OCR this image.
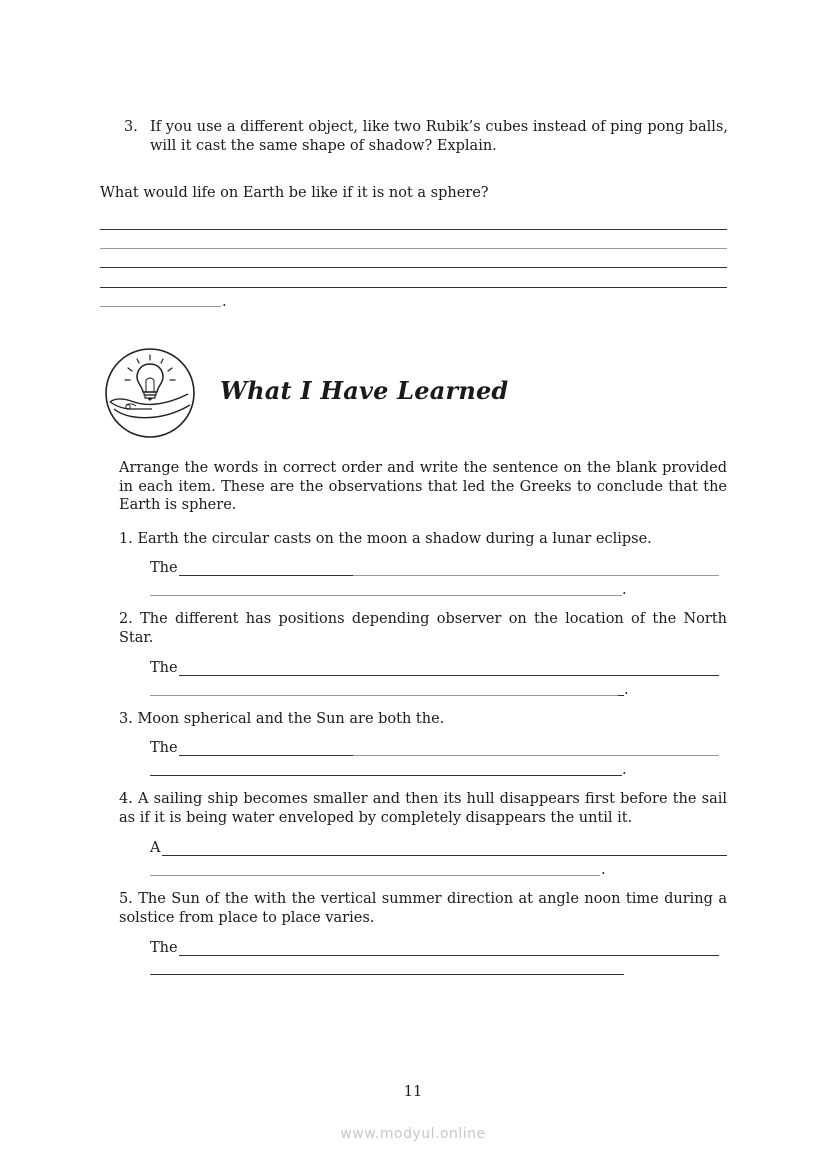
3. If you use a different object, like two Rubik’s cubes instead of ping pong balls, will it cast the same shape of shadow? Explain.
What would life on Earth be like if it is not a sphere?
.
What I Have Learned
Arrange the words in correct order and write the sentence on the blank provided in each item. These are the observations that led the Greeks to conclude that the Earth is sphere.
1. Earth the circular casts on the moon a shadow during a lunar eclipse.
The
.
2. The different has positions depending observer on the location of the North Star.
The
.
3. Moon spherical and the Sun are both the.
The
.
4. A sailing ship becomes smaller and then its hull disappears first before the sail as if it is being water enveloped by completely disappears the until it.
A
.
5. The Sun of the with the vertical summer direction at angle noon time during a solstice from place to place varies.
The
11
www.modyul.online
